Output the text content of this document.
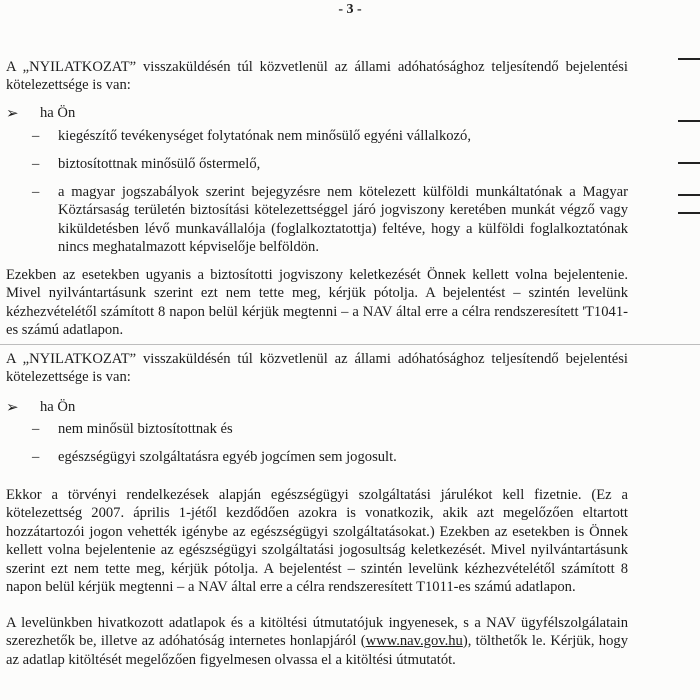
- 3 -

A „NYILATKOZAT” visszaküldésén túl közvetlenül az állami adóhatósághoz teljesítendő bejelentési kötelezettsége is van:

➢ ha Ön
– kiegészítő tevékenységet folytatónak nem minősülő egyéni vállalkozó,
– biztosítottnak minősülő őstermelő,
– a magyar jogszabályok szerint bejegyzésre nem kötelezett külföldi munkáltatónak a Magyar Köztársaság területén biztosítási kötelezettséggel járó jogviszony keretében munkát végző vagy kiküldetésben lévő munkavállalója (foglalkoztatottja) feltéve, hogy a külföldi foglalkoztatónak nincs meghatalmazott képviselője belföldön.

Ezekben az esetekben ugyanis a biztosítotti jogviszony keletkezését Önnek kellett volna bejelentenie. Mivel nyilvántartásunk szerint ezt nem tette meg, kérjük pótolja. A bejelentést – szintén levelünk kézhezvételétől számított 8 napon belül kérjük megtenni – a NAV által erre a célra rendszeresített 'T1041-es számú adatlapon.

A „NYILATKOZAT” visszaküldésén túl közvetlenül az állami adóhatósághoz teljesítendő bejelentési kötelezettsége is van:

➢ ha Ön
– nem minősül biztosítottnak és
– egészségügyi szolgáltatásra egyéb jogcímen sem jogosult.

Ekkor a törvényi rendelkezések alapján egészségügyi szolgáltatási járulékot kell fizetnie. (Ez a kötelezettség 2007. április 1-jétől kezdődően azokra is vonatkozik, akik azt megelőzően eltartott hozzátartozói jogon vehették igénybe az egészségügyi szolgáltatásokat.) Ezekben az esetekben is Önnek kellett volna bejelentenie az egészségügyi szolgáltatási jogosultság keletkezését. Mivel nyilvántartásunk szerint ezt nem tette meg, kérjük pótolja. A bejelentést – szintén levelünk kézhezvételétől számított 8 napon belül kérjük megtenni – a NAV által erre a célra rendszeresített T1011-es számú adatlapon.

A levelünkben hivatkozott adatlapok és a kitöltési útmutatójuk ingyenesek, s a NAV ügyfélszolgálatain szerezhetők be, illetve az adóhatóság internetes honlapjáról (www.nav.gov.hu), tölthetők le. Kérjük, hogy az adatlap kitöltését megelőzően figyelmesen olvassa el a kitöltési útmutatót.
